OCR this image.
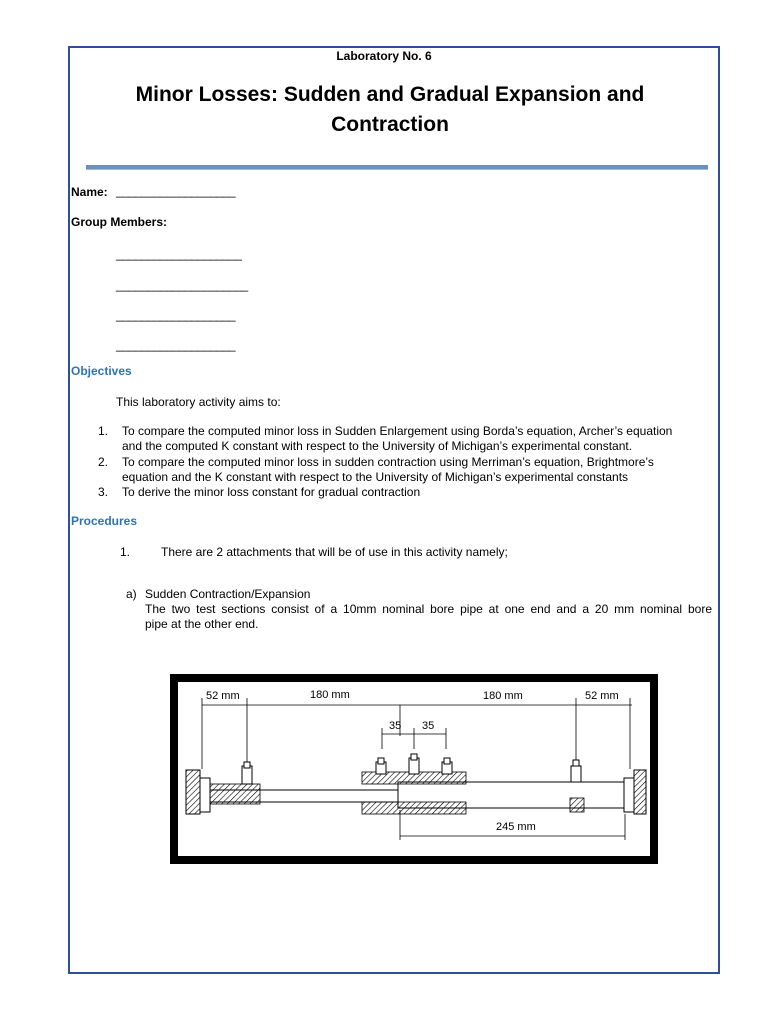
Laboratory No. 6
Minor Losses: Sudden and Gradual Expansion and
Contraction
Name: ___________________
Group Members:
____________________
_____________________
___________________
___________________
Objectives
This laboratory activity aims to:
1. To compare the computed minor loss in Sudden Enlargement using Borda’s equation, Archer’s equation
and the computed K constant with respect to the University of Michigan’s experimental constant.
2. To compare the computed minor loss in sudden contraction using Merriman’s equation, Brightmore’s
equation and the K constant with respect to the University of Michigan’s experimental constants
3. To derive the minor loss constant for gradual contraction
Procedures
1.	There are 2 attachments that will be of use in this activity namely;
a) Sudden Contraction/Expansion
The two test sections consist of a 10mm nominal bore pipe at one end and a 20 mm nominal bore
pipe at the other end.
52 mm	180 mm	180 mm	52 mm
35 35
245 mm
